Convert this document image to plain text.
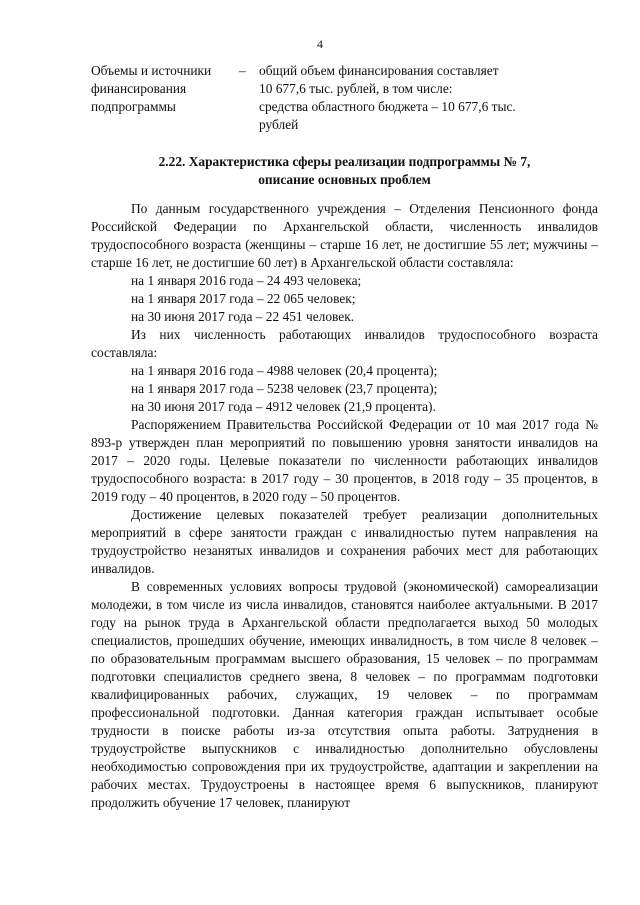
4
Объемы и источники финансирования подпрограммы
– общий объем финансирования составляет
10 677,6 тыс. рублей, в том числе:
средства областного бюджета – 10 677,6 тыс.
рублей
2.22. Характеристика сферы реализации подпрограммы № 7,
описание основных проблем

По данным государственного учреждения – Отделения Пенсионного фонда Российской Федерации по Архангельской области, численность инвалидов трудоспособного возраста (женщины – старше 16 лет, не достигшие 55 лет; мужчины – старше 16 лет, не достигшие 60 лет) в Архангельской области составляла:

на 1 января 2016 года – 24 493 человека;

на 1 января 2017 года – 22 065 человек;

на 30 июня 2017 года – 22 451 человек.

Из них численность работающих инвалидов трудоспособного возраста составляла:

на 1 января 2016 года – 4988 человек (20,4 процента);

на 1 января 2017 года – 5238 человек (23,7 процента);

на 30 июня 2017 года – 4912 человек (21,9 процента).

Распоряжением Правительства Российской Федерации от 10 мая 2017 года № 893-р утвержден план мероприятий по повышению уровня занятости инвалидов на 2017 – 2020 годы. Целевые показатели по численности работающих инвалидов трудоспособного возраста: в 2017 году – 30 процентов, в 2018 году – 35 процентов, в 2019 году – 40 процентов, в 2020 году – 50 процентов.

Достижение целевых показателей требует реализации дополнительных мероприятий в сфере занятости граждан с инвалидностью путем направления на трудоустройство незанятых инвалидов и сохранения рабочих мест для работающих инвалидов.

В современных условиях вопросы трудовой (экономической) самореализации молодежи, в том числе из числа инвалидов, становятся наиболее актуальными. В 2017 году на рынок труда в Архангельской области предполагается выход 50 молодых специалистов, прошедших обучение, имеющих инвалидность, в том числе 8 человек – по образовательным программам высшего образования, 15 человек – по программам подготовки специалистов среднего звена, 8 человек – по программам подготовки квалифицированных рабочих, служащих, 19 человек – по программам профессиональной подготовки. Данная категория граждан испытывает особые трудности в поиске работы из-за отсутствия опыта работы. Затруднения в трудоустройстве выпускников с инвалидностью дополнительно обусловлены необходимостью сопровождения при их трудоустройстве, адаптации и закреплении на рабочих местах. Трудоустроены в настоящее время 6 выпускников, планируют продолжить обучение 17 человек, планируют
